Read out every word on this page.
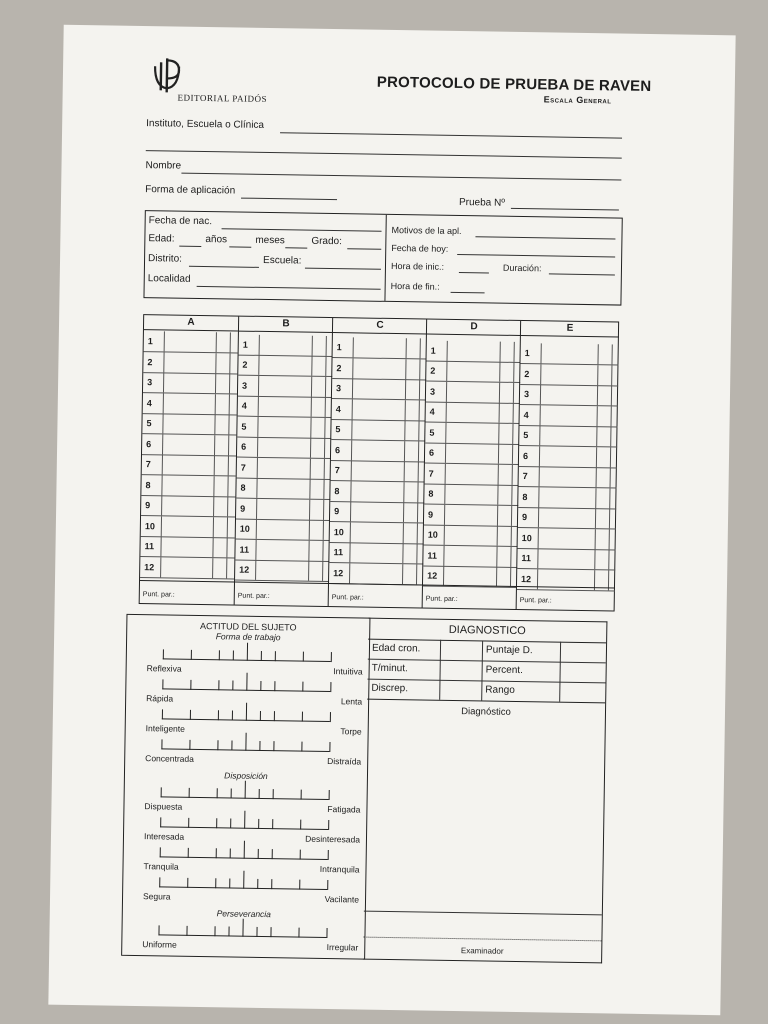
EDITORIAL PAIDÓS
PROTOCOLO DE PRUEBA DE RAVEN
Escala General
Instituto, Escuela o Clínica
Nombre
Forma de aplicación
Prueba Nº
Fecha de nac.
Edad:	años	meses	Grado:
Distrito:	Escuela:
Localidad
Motivos de la apl.
Fecha de hoy:
Hora de inic.:	Duración:
Hora de fin.:
A
1
2
3
4
5
6
7
8
9
10
11
12
Punt. par.:
B
1
2
3
4
5
6
7
8
9
10
11
12
Punt. par.:
C
1
2
3
4
5
6
7
8
9
10
11
12
Punt. par.:
D
1
2
3
4
5
6
7
8
9
10
11
12
Punt. par.:
E
1
2
3
4
5
6
7
8
9
10
11
12
Punt. par.:
ACTITUD DEL SUJETO
Forma de trabajo
Disposición
Perseverancia
Reflexiva	Intuitiva
Rápida	Lenta
Inteligente	Torpe
Concentrada	Distraída
Dispuesta	Fatigada
Interesada	Desinteresada
Tranquila	Intranquila
Segura	Vacilante
Uniforme	Irregular
DIAGNOSTICO
Edad cron.	Puntaje D.
T/minut.	Percent.
Discrep.	Rango
Diagnóstico
Examinador
